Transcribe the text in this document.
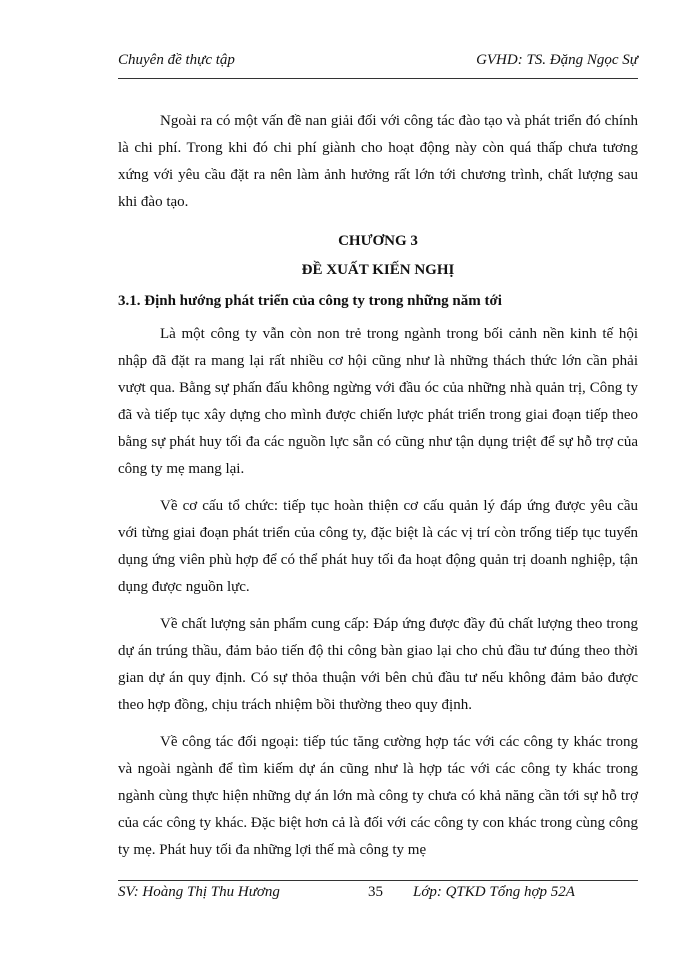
Chuyên đề thực tập	GVHD: TS. Đặng Ngọc Sự

Ngoài ra có một vấn đề nan giải đối với công tác đào tạo và phát triển đó chính là chi phí. Trong khi đó chi phí giành cho hoạt động này còn quá thấp chưa tương xứng với yêu cầu đặt ra nên làm ảnh hưởng rất lớn tới chương trình, chất lượng sau khi đào tạo.

CHƯƠNG 3
ĐỀ XUẤT KIẾN NGHỊ
3.1. Định hướng phát triển của công ty trong những năm tới

Là một công ty vẫn còn non trẻ trong ngành trong bối cảnh nền kinh tế hội nhập đã đặt ra mang lại rất nhiều cơ hội cũng như là những thách thức lớn cần phải vượt qua. Bằng sự phấn đấu không ngừng với đầu óc của những nhà quản trị, Công ty đã và tiếp tục xây dựng cho mình được chiến lược phát triển trong giai đoạn tiếp theo bằng sự phát huy tối đa các nguồn lực sẵn có cũng như tận dụng triệt để sự hỗ trợ của công ty mẹ mang lại.

Về cơ cấu tổ chức: tiếp tục hoàn thiện cơ cấu quản lý đáp ứng được yêu cầu với từng giai đoạn phát triển của công ty, đặc biệt là các vị trí còn trống tiếp tục tuyển dụng ứng viên phù hợp để có thể phát huy tối đa hoạt động quản trị doanh nghiệp, tận dụng được nguồn lực.

Về chất lượng sản phẩm cung cấp: Đáp ứng được đầy đủ chất lượng theo trong dự án trúng thầu, đảm bảo tiến độ thi công bàn giao lại cho chủ đầu tư đúng theo thời gian dự án quy định. Có sự thỏa thuận với bên chủ đầu tư nếu không đảm bảo được theo hợp đồng, chịu trách nhiệm bồi thường theo quy định.

Về công tác đối ngoại: tiếp túc tăng cường hợp tác với các công ty khác trong và ngoài ngành để tìm kiếm dự án cũng như là hợp tác với các công ty khác trong ngành cùng thực hiện những dự án lớn mà công ty chưa có khả năng cần tới sự hỗ trợ của các công ty khác. Đặc biệt hơn cả là đối với các công ty con khác trong cùng công ty mẹ. Phát huy tối đa những lợi thế mà công ty mẹ

SV: Hoàng Thị Thu Hương	35 Lớp: QTKD Tổng hợp 52A
